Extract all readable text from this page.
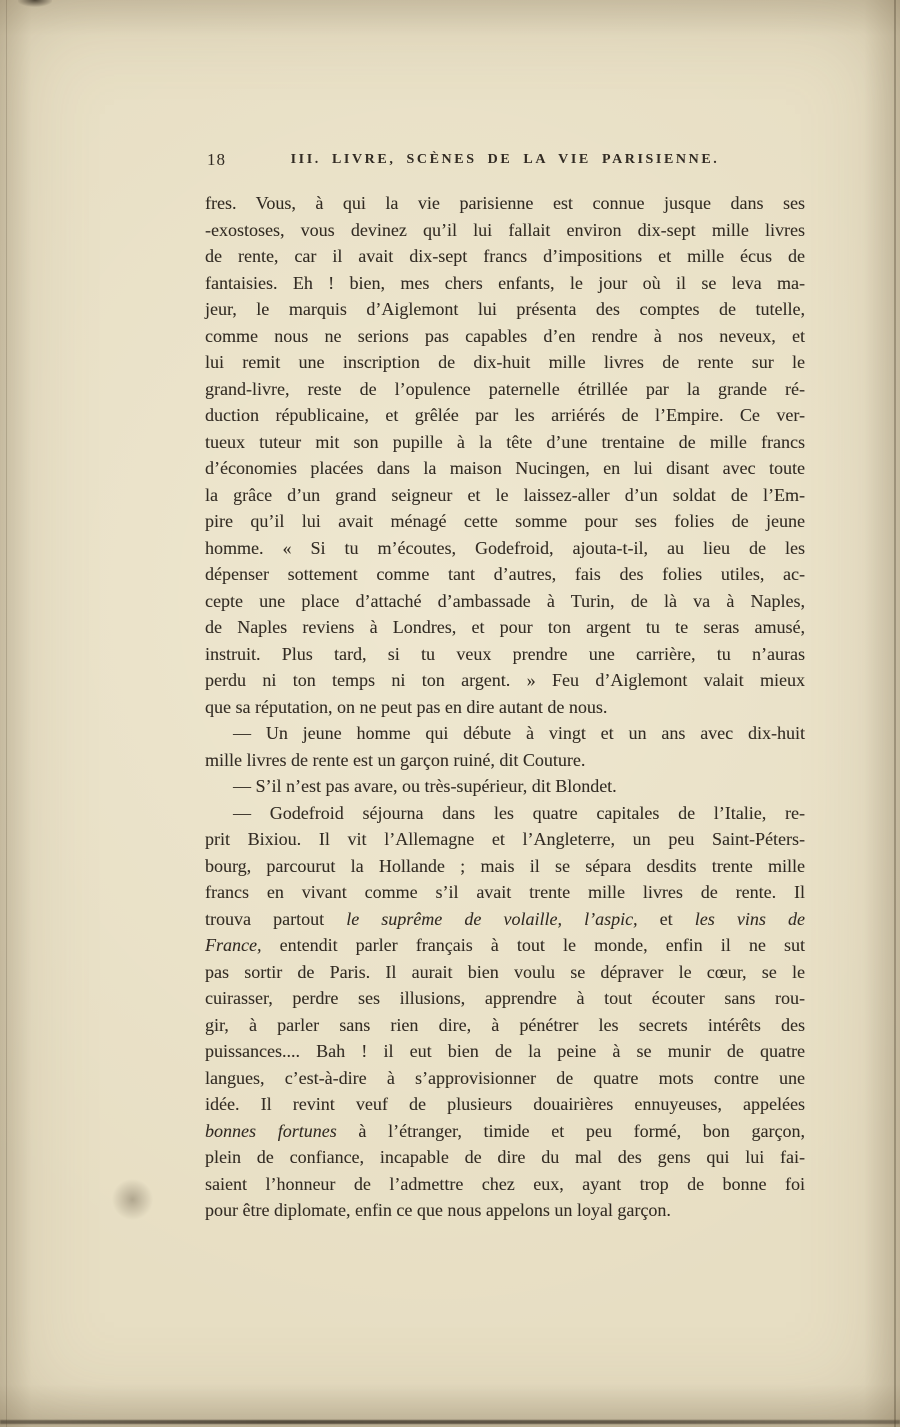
18	III. LIVRE, SCÈNES DE LA VIE PARISIENNE.
fres. Vous, à qui la vie parisienne est connue jusque dans ses
-exostoses, vous devinez qu’il lui fallait environ dix-sept mille livres
de rente, car il avait dix-sept francs d’impositions et mille écus de
fantaisies. Eh ! bien, mes chers enfants, le jour où il se leva ma-
jeur, le marquis d’Aiglemont lui présenta des comptes de tutelle,
comme nous ne serions pas capables d’en rendre à nos neveux, et
lui remit une inscription de dix-huit mille livres de rente sur le
grand-livre, reste de l’opulence paternelle étrillée par la grande ré-
duction républicaine, et grêlée par les arriérés de l’Empire. Ce ver-
tueux tuteur mit son pupille à la tête d’une trentaine de mille francs
d’économies placées dans la maison Nucingen, en lui disant avec toute
la grâce d’un grand seigneur et le laissez-aller d’un soldat de l’Em-
pire qu’il lui avait ménagé cette somme pour ses folies de jeune
homme. « Si tu m’écoutes, Godefroid, ajouta-t-il, au lieu de les
dépenser sottement comme tant d’autres, fais des folies utiles, ac-
cepte une place d’attaché d’ambassade à Turin, de là va à Naples,
de Naples reviens à Londres, et pour ton argent tu te seras amusé,
instruit. Plus tard, si tu veux prendre une carrière, tu n’auras
perdu ni ton temps ni ton argent. » Feu d’Aiglemont valait mieux
que sa réputation, on ne peut pas en dire autant de nous.
— Un jeune homme qui débute à vingt et un ans avec dix-huit
mille livres de rente est un garçon ruiné, dit Couture.
— S’il n’est pas avare, ou très-supérieur, dit Blondet.
— Godefroid séjourna dans les quatre capitales de l’Italie, re-
prit Bixiou. Il vit l’Allemagne et l’Angleterre, un peu Saint-Péters-
bourg, parcourut la Hollande ; mais il se sépara desdits trente mille
francs en vivant comme s’il avait trente mille livres de rente. Il
trouva partout le suprême de volaille, l’aspic, et les vins de
France, entendit parler français à tout le monde, enfin il ne sut
pas sortir de Paris. Il aurait bien voulu se dépraver le cœur, se le
cuirasser, perdre ses illusions, apprendre à tout écouter sans rou-
gir, à parler sans rien dire, à pénétrer les secrets intérêts des
puissances.... Bah ! il eut bien de la peine à se munir de quatre
langues, c’est-à-dire à s’approvisionner de quatre mots contre une
idée. Il revint veuf de plusieurs douairières ennuyeuses, appelées
bonnes fortunes à l’étranger, timide et peu formé, bon garçon,
plein de confiance, incapable de dire du mal des gens qui lui fai-
saient l’honneur de l’admettre chez eux, ayant trop de bonne foi
pour être diplomate, enfin ce que nous appelons un loyal garçon.
